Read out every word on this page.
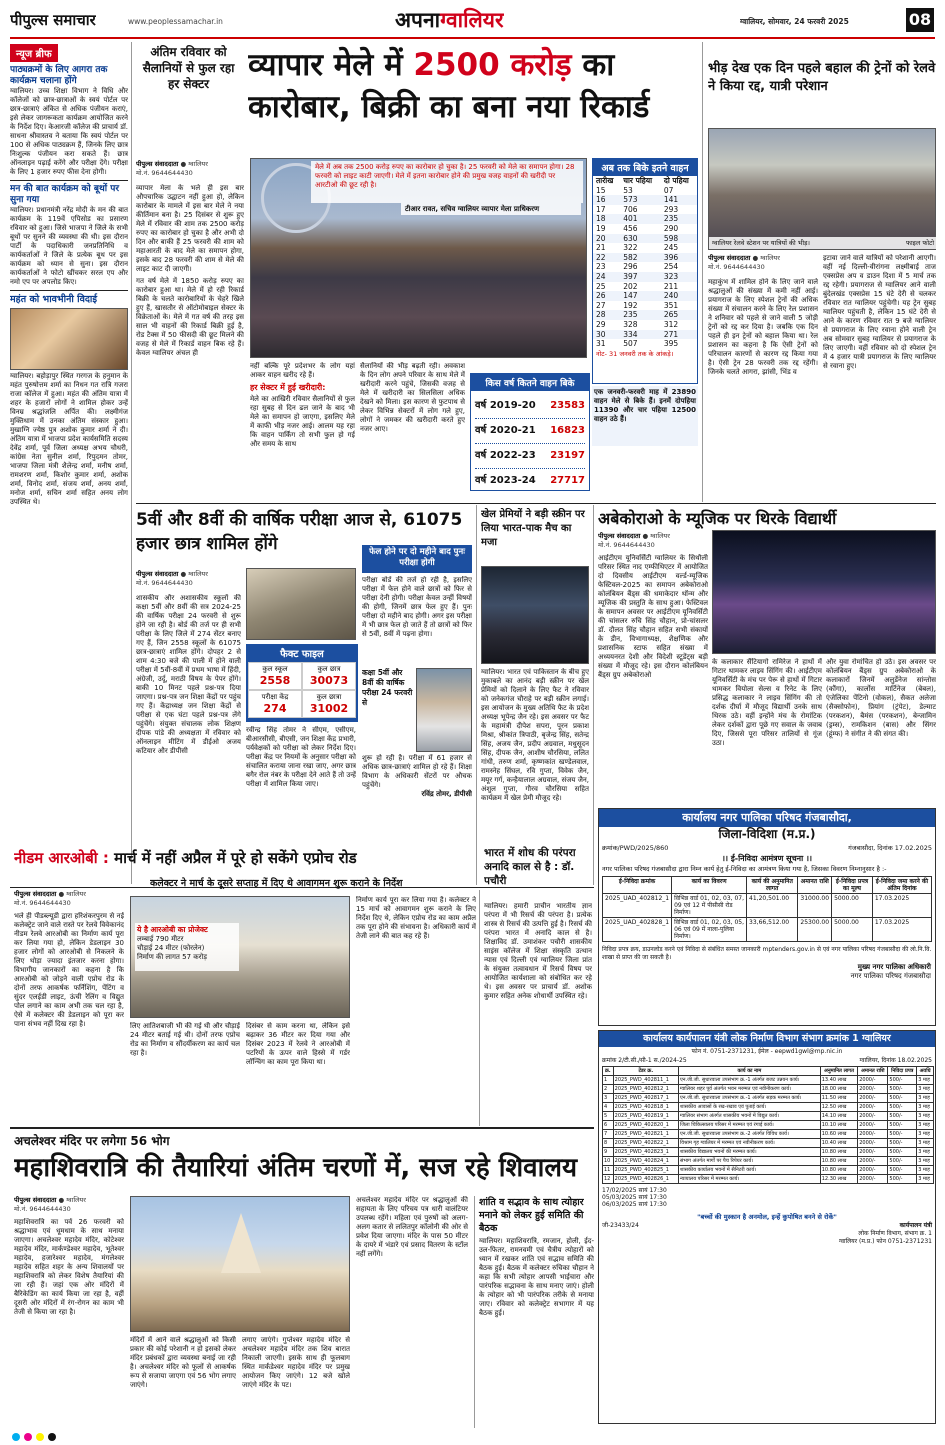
पीपुल्स समाचार	www.peoplessamachar.in	अपनाग्वालियर	ग्वालियर, सोमवार, 24 फरवरी 2025	08
न्यूज ब्रीफ
पाठ्यक्रमों के लिए आगरा तक कार्यक्रम चलाना होंगे

ग्वालियर। उच्च शिक्षा विभाग ने विधि और कॉलेजों को छात्र-छात्राओं के स्वयं पोर्टल पर छात्र-छात्राएं अंकित से अधिक पंजीयन कराएं, इसे लेकर जागरूकता कार्यक्रम आयोजित करने के निर्देश दिए। केआरजी कॉलेज की प्राचार्य डॉ. साधना श्रीवास्तव ने बताया कि स्वयं पोर्टल पर 100 से अधिक पाठ्यक्रम हैं, जिनके लिए छात्र निःशुल्क पंजीयन करा सकते हैं। छात्र ऑनलाइन पढ़ाई करेंगे और परीक्षा देंगे। परीक्षा के लिए 1 हजार रुपए फीस देना होगी।

मन की बात कार्यक्रम को बूथों पर सुना गया

ग्वालियर। प्रधानमंत्री नरेंद्र मोदी के मन की बात कार्यक्रम के 119वें एपिसोड का प्रसारण रविवार को हुआ। जिसे भाजपा ने जिले के सभी बूथों पर सुनने की व्यवस्था की थी। इस दौरान पार्टी के पदाधिकारी जनप्रतिनिधि व कार्यकर्ताओं ने जिले के प्रत्येक बूथ पर इस कार्यक्रम को ध्यान से सुना। इस दौरान कार्यकर्ताओं ने फोटो खींचकर सरल एप और नमो एप पर अपलोड किए।

महंत को भावभीनी विदाई

ग्वालियर। बहोड़ापुर स्थित गरगज के हनुमान के महंत पुरुषोत्तम शर्मा का निधन गत रात्रि गजरा राजा कॉलेज में हुआ। महंत की अंतिम यात्रा में शहर के हजारों लोगों ने शामिल होकर उन्हें विनम्र श्रद्धांजलि अर्पित की। लक्ष्मीगंज मुक्तिधाम में उनका अंतिम संस्कार हुआ। मुखाग्नि ज्येष्ठ पुत्र अशोक कुमार शर्मा ने दी। अंतिम यात्रा में भाजपा प्रदेश कार्यसमिति सदस्य देवेंद्र शर्मा, पूर्व जिला अध्यक्ष अभय चौधरी, कांग्रेस नेता सुनील शर्मा, रिपुदमन तोमर, भाजपा जिला मंत्री शैलेन्द्र शर्मा, मनीष शर्मा, रामशरण शर्मा, किशोर कुमार शर्मा, अशोक शर्मा, विनोद शर्मा, संजय शर्मा, अनय शर्मा, मनोज शर्मा, सचिन शर्मा सहित अनय लोग उपस्थित थे।

अंतिम रविवार को सैलानियों से फुल रहा हर सेक्टर
व्यापार मेले में 2500 करोड़ का कारोबार, बिक्री का बना नया रिकार्ड
पीपुल्स संवाददाता ● ग्वालियर
मो.नं. 9644644430

व्यापार मेला के भले ही इस बार औपचारिक उद्घाटन नहीं हुआ हो, लेकिन कारोबार के मामले में इस बार मेले ने नया कीर्तिमान बना है। 25 दिसंबर से शुरू हुए मेले में रविवार की शाम तक 2500 करोड़ रुपए का कारोबार हो चुका है और अभी दो दिन और बाकी हैं 25 फरवरी की शाम को महाआरती के बाद मेले का समापन होगा, इसके बाद 28 फरवरी की शाम से मेले की लाइट काट दी जाएगी।

गत वर्ष मेले में 1850 करोड़ रुपए का कारोबार हुआ था। मेले में हो रही रिकार्ड बिक्री के चलते कारोबारियों के चेहरे खिले हुए हैं, खासतौर से ऑटोमोबाइल सेक्टर के विक्रेताओं के। मेले में गत वर्ष की तरह इस साल भी वाहनों की रिकार्ड बिक्री हुई है, रोड टैक्स में 50 फीसदी की छूट मिलने की वजह से मेले में रिकार्ड वाहन बिक रहे हैं। केवल ग्वालियर अंचल ही

मेले में अब तक 2500 करोड़ रुपए का कारोबार हो चुका है। 25 फरवरी को मेले का समापन होगा। 28 फरवरी को लाइट काटी जाएगी। मेले में इतना कारोबार होने की प्रमुख वजह वाहनों की खरीदी पर आरटीओ की छूट रही है।
टीआर रावत, सचिव ग्वालियर व्यापार मेला प्राधिकरण

नहीं बल्कि पूरे प्रदेशभर के लोग यहां आकर वाहन खरीद रहे हैं।

हर सेक्टर में हुई खरीदारी:

मेले का आखिरी रविवार सैलानियों से फुल रहा सुबह से दिन ढल जाने के बाद भी मेले का समापन हो जाएगा, इसलिए मेले में काफी भीड़ नजर आई। आलम यह रहा कि वाहन पार्किंग तो सभी फुल हो गई और समय के साथ

सैलानियों की भीड़ बढ़ती रही। अवकाश के दिन लोग अपने परिवार के साथ मेले में खरीदारी करने पहुंचे, जिसकी वजह से मेले में खरीदारी का सिलसिला अधिक देखने को मिला। इस कारण से फुटपाथ से लेकर विभिन्न सेक्टरों में लोग गले हुए, लोगों ने जमकर की खरीदारी करते हुए नजर आए।

अब तक बिके इतने वाहन
तारीख	चार पहिया	दो पहिया
15	53	07
16	573	141
17	706	293
18	401	235
19	456	290
20	630	598
21	322	245
22	582	396
23	296	254
24	397	323
25	202	211
26	147	240
27	192	351
28	235	265
29	328	312
30	334	271
31	507	395
नोट- 31 जनवरी तक के आंकड़े।

एक जनवरी-फरवरी माह में 23890 वाहन मेले से बिके हैं। इनमें दोपहिया 11390 और चार पहिया 12500 वाहन उठे हैं।

किस वर्ष कितने वाहन बिके
वर्ष 2019-20 23583
वर्ष 2020-21 16823
वर्ष 2022-23 23197
वर्ष 2023-24 27717
भीड़ देख एक दिन पहले बहाल की ट्रेनों को रेलवे ने किया रद्द, यात्री परेशान
ग्वालियर रेलवे स्टेशन पर यात्रियों की भीड़।	फाइल फोटो
पीपुल्स संवाददाता ● ग्वालियर
मो.नं. 9644644430

महाकुंभ में शामिल होने के लिए जाने वाले श्रद्धालुओं की संख्या में कमी नहीं आई। प्रयागराज के लिए स्पेशल ट्रेनों की अधिक संख्या में संचालन करने के लिए रेल प्रशासन ने शनिवार को पहले से जाने वाली 5 जोड़ी ट्रेनों को रद्द कर दिया है। जबकि एक दिन पहले ही इन ट्रेनों को बहाल किया था। रेल प्रशासन का कहना है कि ऐसी ट्रेनों को परिचालन कारणों से कारण रद्द किया गया है। ऐसी ट्रेन 28 फरवरी तक रद्द रहेंगी। जिनके चलते आगरा, झांसी, भिंड व

इटावा जाने वाले यात्रियों को परेशानी आएगी। वहीं नई दिल्ली-वीरांगना लक्ष्मीबाई ताज एक्सप्रेस अप व डाउन दिशा में 5 मार्च तक रद्द रहेगी। प्रयागराज से ग्वालियर आने वाली बुंदेलखंड एक्सप्रेस 15 घंटे देरी से चलकर रविवार रात ग्वालियर पहुंचेगी। यह ट्रेन सुबह ग्वालियर पहुंचती है, लेकिन 15 घंटे देरी से आने के कारण रविवार रात 9 बजे ग्वालियर से प्रयागराज के लिए रवाना होने वाली ट्रेन अब सोमवार सुबह ग्वालियर से प्रयागराज के लिए जाएगी। वहीं रविवार को दो स्पेशल ट्रेन में 4 हजार यात्री प्रयागराज के लिए ग्वालियर से रवाना हुए।

5वीं और 8वीं की वार्षिक परीक्षा आज से, 61075 हजार छात्र शामिल होंगे
पीपुल्स संवाददाता ● ग्वालियर
मो.नं. 9644644430
फैक्ट फाइल
कुल स्कूल
2558
कुल छात्र
30073
परीक्षा केंद्र
274
कुल छात्रा
31002

शासकीय और अशासकीय स्कूलों की कक्षा 5वीं और 8वीं की सत्र 2024-25 की वार्षिक परीक्षा 24 फरवरी से शुरू होने जा रही है। बोर्ड की तर्ज पर ही सभी परीक्षा के लिए जिले में 274 सेंटर बनाए गए हैं, जिन 2558 स्कूलों के 61075 छात्र-छात्राएं शामिल होंगे। दोपहर 2 से शाम 4:30 बजे की पाली में होने वाली परीक्षा में 5वीं-8वीं में प्रथम भाषा में हिंदी, अंग्रेजी, उर्दू, मराठी विषय के पेपर होंगे। बाकी 10 मिनट पहले प्रश्न-पत्र दिया जाएगा। प्रश्न-पत्र जन शिक्षा केंद्रों पर पहुंच गए हैं। केंद्राध्यक्ष जन शिक्षा केंद्रों से परीक्षा से एक घंटा पहले प्रश्न-पत्र लेंगे पहुंचेंगे। संयुक्त संचालक लोक शिक्षण दीपक पांडे की अध्यक्षता में रविवार को ऑनलाइन मीटिंग में डीईओ अजय कटियार और डीपीसी

रवीन्द्र सिंह तोमर ने सीएम, एसीएम, बीआरसीसी, बीएसी, जन शिक्षा केंद्र प्रभारी, पर्यवेक्षकों को परीक्षा को लेकर निर्देश दिए। परीक्षा केंद्र पर नियमों के अनुसार परीक्षा को संचालित कराया जाना रखा जाए, अगर छात्र बगैर रोल नंबर के परीक्षा देने आते हैं तो उन्हें परीक्षा में शामिल किया जाए।

फेल होने पर दो महीने बाद पुनः परीक्षा होगी

परीक्षा बोर्ड की तर्ज हो रही है, इसलिए परीक्षा में फेल होने वाले छात्रों को फिर से परीक्षा देनी होगी। परीक्षा केवल उन्हीं विषयों की होगी, जिनमें छात्र फेल हुए हैं। पुनः परीक्षा दो महीने बाद होगी। अगर इस परीक्षा में भी छात्र फेल हो जाते हैं तो छात्रों को फिर से 5वीं, 8वीं में पढ़ना होगा।

कक्षा 5वीं और 8वीं की वार्षिक परीक्षा 24 फरवरी से

शुरू हो रही है। परीक्षा में 61 हजार से अधिक छात्र-छात्राएं शामिल हो रहे हैं। शिक्षा विभाग के अधिकारी सेंटरों पर औचक पहुंचेंगे।

रविंद्र तोमर, डीपीसी
खेल प्रेमियों ने बड़ी स्क्रीन पर लिया भारत-पाक मैच का मजा

ग्वालियर। भारत एवं पाकिस्तान के बीच हुए मुकाबले का आनंद बड़ी स्क्रीन पर खेल प्रेमियों को दिलाने के लिए फैट ने रविवार को जनेकगंज चौराहे पर बड़ी स्क्रीन लगाई। इस आयोजन के मुख्य अतिथि फैट के प्रदेश अध्यक्ष भूपेन्द्र जैन रहे। इस अवसर पर फैट के महामंत्री दीपेश सपरा, पूरन प्रकाश मिश्रा, श्रीकांत त्रिपाठी, बृजेन्द्र सिंह, सतेन्द्र सिंह, अजय जैन, प्रदीप अग्रवाल, मधुसूदन सिंह, दीपक जैन, आशीष चौरसिया, ललित गांधी, तरुण शर्मा, कृष्णकांत खण्डेलवाल, रामस्नेह सिंघल, रवि गुप्ता, विवेक जैन, मयूर गर्ग, कन्हैयालाल अग्रवाल, संजय जैन, अंशुल गुप्ता, गौरव चौरसिया सहित कार्यक्रम में खेल प्रेमी मौजूद रहे।

अबेकोराओ के म्यूजिक पर थिरके विद्यार्थी
पीपुल्स संवाददाता ● ग्वालियर
मो.नं. 9644644430

आईटीएम यूनिवर्सिटी ग्वालियर के सिथौली परिसर स्थित नाद एम्फीथिएटर में आयोजित दो दिवसीय आईटीएम वर्ल्ड-म्यूजिक फेस्टिवल-2025 का समापन अबेकोराओ कोलंबियन बैंड्स की धमाकेदार थॉन्म और म्यूजिक की प्रस्तुति के साथ हुआ। फेस्टिवल के समापन अवसर पर आईटीएम यूनिवर्सिटी की चांसलर रुचि सिंह चौहान, प्रो-चांसलर डॉ. दौलत सिंह चौहान सहित सभी संकायों के डीन, विभागाध्यक्ष, शैक्षणिक और प्रशासनिक स्टाफ सहित संख्या में अध्ययनरत देशी और विदेशी स्टूडेंट्स बड़ी संख्या में मौजूद रहे। इस दौरान कोलंबियन बैंड्स ग्रुप अबेकोराओ

के कलाकार सैंटियागो रामिरेज ने हाथों में गिटार थामकर लाइव सिंगिंग की। आईटीएम यूनिवर्सिटी के मंच पर पेरू से हाथों में गिटार थामकर वियोला सेल्स व रिनेट के लिए प्रसिद्ध कलाकार ने लाइव सिंगिंग की तो दर्शक दीर्घा में मौजूद विद्यार्थी उनके साथ थिरक उठे। वहीं इन्होंने मंच के रोमांटिक लेकर दर्शकों द्वारा पूछे गए सवाल के जवाब दिए, जिससे पूरा परिसर तालियों से गूंज उठा।

और युवा रोमांचित हो उठे। इस अवसर पर कोलंबियन बैंड्स ग्रुप अबेकोराओ के कलाकारों जिनमें अलुर्डेनेज सांन्तोस (कौंगा), कार्लोस मार्टिनेज (बेबल), एंजेलिका पेंटिनो (वोकल), सैकत अलेजा (सैक्सोफोन), प्रियांग (ट्रंपेट), डेल्माट (परकशन), बैमंस (परकशन), बेन्जामिन (ड्रम्स), रामकिशन (बास) और सिंगर (हूंम्फ) ने संगीत ने की संगत की।

कार्यालय नगर पालिका परिषद गंजबासौदा,
जिला-विदिशा (म.प्र.)
क्रमांक/PWD/2025/860	गंजबासौदा, दिनांक 17.02.2025
।। ई-निविदा आमंत्रण सूचना ।।
नगर पालिका परिषद गंजबासौदा द्वारा निम्न कार्य हेतु ई-निविदा का आमंत्रण किया गया है, जिसका विवरण निम्नानुसार है :-
ई-निविदा क्रमांक	कार्य का विवरण	कार्य की अनुमानित लागत	अमानत राशि	ई-निविदा प्रपत्र का मूल्य	ई-निविदा जमा करने की अंतिम दिनांक
2025_UAD_402812_1	विभिन्न वार्ड 01, 02, 03, 07, 09 एवं 12 में पीसीसी रोड निर्माण।	41,20,501.00	31000.00	5000.00	17.03.2025
2025_UAD_402828_1	विभिन्न वार्ड 01, 02, 03, 05, 06 एवं 09 में नाला-पुलिया निर्माण।	33,66,512.00	25300.00	5000.00	17.03.2025
निविदा प्रपत्र क्रय, डाउनलोड करने एवं निविदा से संबंधित समस्त जानकारी mptenders.gov.in से एवं नगर पालिका परिषद गंजबासौदा की लो.नि.वि. शाखा से प्राप्त की जा सकती है।
मुख्य नगर पालिका अधिकारी
नगर पालिका परिषद गंजबासौदा
नीडम आरओबी : मार्च में नहीं अप्रैल में पूरे हो सकेंगे एप्रोच रोड
कलेक्टर ने मार्च के दूसरे सप्ताह में दिए थे आवागमन शुरू कराने के निर्देश
पीपुल्स संवाददाता ● ग्वालियर
मो.नं. 9644644430

भले ही पीडब्ल्यूडी द्वारा हरिशंकरपुरम से नई कलेक्ट्रेट जाने वाले रास्ते पर रेलवे विवेकानंद नीडम रेलवे आरओबी का निर्माण कार्य पूरा कर लिया गया हो, लेकिन डेडलाइन 30 हजार लोगों को आरओबी से निकलने के लिए थोड़ा ज्यादा इंतजार करना होगा। विभागीय जानकारों का कहना है कि आरओबी को जोड़ने वाली एप्रोच रोड के दोनों तरफ आकर्षक फर्निशिंग, पेंटिंग व सुंदर एलईडी लाइट, ऊंची रेलिंग व विद्युत पोल लगाने का काम अभी तक चल रहा है, ऐसे में कलेक्टर की डेडलाइन को पूरा कर पाना संभव नहीं दिख रहा है।

ये है आरओबी का प्रोजेक्ट
लम्बाई 790 मीटर
चौड़ाई 24 मीटर (फोरलेन)
निर्माण की लागत 57 करोड़

लिए आतिशबाजी भी की गई थी और चौड़ाई 24 मीटर बताई गई थी। दोनों तरफ एप्रोच रोड का निर्माण व सौंदर्यीकरण का कार्य चल रहा है।

दिसंबर से काम करना था, लेकिन इसे बढ़ाकर 36 मीटर कर दिया गया और दिसंबर 2023 में रेलवे ने आरओबी में पटरियों के ऊपर वाले हिस्से में गर्डर लॉन्चिंग का काम पूरा किया था।

निर्माण कार्य पूरा कर लिया गया है। कलेक्टर ने 15 मार्च को आवागमन शुरू कराने के लिए निर्देश दिए थे, लेकिन एप्रोच रोड का काम अप्रैल तक पूरा होने की संभावना है। अधिकारी कार्य में तेजी लाने की बात कह रहे हैं।

भारत में शोध की परंपरा अनादि काल से है : डॉ. पचौरी

ग्वालियर। हमारी प्राचीन भारतीय ज्ञान परंपरा में भी रिसर्च की परंपरा है। प्रत्येक शास्त्र से रिसर्च की उत्पत्ति हुई है। रिसर्च की परंपरा भारत में अनादि काल से है। शिक्षाविद डॉ. उमाशंकर पचौरी शासकीय साइंस कॉलेज में शिक्षा संस्कृति उत्थान न्यास एवं दिल्ली एवं ग्वालियर जिला प्रांत के संयुक्त तत्वावधान में रिसर्च विषय पर आयोजित कार्यशाला को संबोधित कर रहे थे। इस अवसर पर प्राचार्य डॉ. अशोक कुमार सहित अनेक शोधार्थी उपस्थित रहे।

कार्यालय कार्यपालन यंत्री लोक निर्माण विभाग संभाग क्रमांक 1 ग्वालियर
फोन नं. 0751-2371231, ईमेल - eepwd1gwl@mp.nic.in
क्रमांक 2/टी.सी./सी-1 स./2024-25	ग्वालियर, दिनांक 18.02.2025
क्र.	टेंडर क्र.	कार्य का नाम	अनुमानित लागत	अमानत राशि	निविदा प्रपत्र	अवधि
1	2025_PWD_402811_1	एन.जी.जी. सुधारवाला उपसंभाग क्र.-1 अंतर्गत बजट उन्नयन कार्य।	13.40 लाख	2000/-	500/-	3 माह
2	2025_PWD_402812_1	ग्वालियर शहर पूर्व अंतर्गत भवन मरम्मत एवं नवीनीकरण कार्य।	18.00 लाख	2000/-	500/-	3 माह
3	2025_PWD_402817_1	एन.जी.जी. सुधारवाला उपसंभाग क्र.-1 अंतर्गत सड़क मरम्मत कार्य।	11.50 लाख	2000/-	500/-	3 माह
4	2025_PWD_402818_1	शासकीय आवासों के रख-रखाव एवं पुताई कार्य।	12.50 लाख	2000/-	500/-	3 माह
5	2025_PWD_402819_1	ग्वालियर संभाग अंतर्गत शासकीय भवनों में विद्युत कार्य।	14.10 लाख	2000/-	500/-	3 माह
6	2025_PWD_402820_1	जिला चिकित्सालय परिसर में मरम्मत एवं रंगाई कार्य।	10.10 लाख	2000/-	500/-	3 माह
7	2025_PWD_402821_1	एन.जी.जी. सुधारवाला उपसंभाग क्र.-2 अंतर्गत विविध कार्य।	10.60 लाख	2000/-	500/-	3 माह
8	2025_PWD_402822_1	विश्राम गृह ग्वालियर में मरम्मत एवं नवीनीकरण कार्य।	10.40 लाख	2000/-	500/-	3 माह
9	2025_PWD_402823_1	शासकीय विद्यालय भवनों की मरम्मत कार्य।	10.80 लाख	2000/-	500/-	3 माह
10	2025_PWD_402824_1	संभाग अंतर्गत मार्गों पर पैच रिपेयर कार्य।	10.80 लाख	2000/-	500/-	3 माह
11	2025_PWD_402825_1	शासकीय कार्यालय भवनों में सैनिटरी कार्य।	10.80 लाख	2000/-	500/-	3 माह
12	2025_PWD_402826_1	न्यायालय परिसर में मरम्मत कार्य।	12.30 लाख	2000/-	500/-	3 माह
17/02/2025 सायं 17:30
05/03/2025 सायं 17:30
06/03/2025 सायं 17:30
"बच्चों की मुस्कान है अनमोल, इन्हें कुपोषित बनने से रोकें"
जी-23433/24	कार्यपालन यंत्री
लोक निर्माण विभाग, संभाग क्र. 1
ग्वालियर (म.प्र.) फोन 0751-2371231
अचलेश्वर मंदिर पर लगेगा 56 भोग
महाशिवरात्रि की तैयारियां अंतिम चरणों में, सज रहे शिवालय
पीपुल्स संवाददाता ● ग्वालियर
मो.नं. 9644644430

महाशिवरात्रि का पर्व 26 फरवरी को श्रद्धाभाव एवं धूमधाम के साथ मनाया जाएगा। अचलेश्वर महादेव मंदिर, कोटेश्वर महादेव मंदिर, मार्कण्डेश्वर महादेव, भूतेश्वर महादेव, हजारेश्वर महादेव, मंगलेश्वर महादेव सहित शहर के अन्य शिवालयों पर महाशिवरात्रि को लेकर विशेष तैयारियां की जा रही हैं। जहां एक ओर मंदिरों में बैरिकेडिंग का कार्य किया जा रहा है, वहीं दूसरी ओर मंदिरों में रंग-रोगन का काम भी तेजी से किया जा रहा है।

मंदिरों में आने वाले श्रद्धालुओं को किसी प्रकार की कोई परेशानी न हो इसको लेकर मंदिर प्रबंधकों द्वारा व्यवस्था बनाई जा रही है। अचलेश्वर मंदिर को फूलों से आकर्षक रूप से सजाया जाएगा एवं 56 भोग लगाए जाएंगे।

लगाए जाएंगे। गुप्तेश्वर महादेव मंदिर से अचलेश्वर महादेव मंदिर तक शिव बारात निकाली जाएगी। इसके साथ ही फूलबाग स्थित मार्कंडेश्वर महादेव मंदिर पर प्रमुख आयोजन किए जाएंगे। 12 बजे खोले जाएंगे मंदिर के पट।

अचलेश्वर महादेव मंदिर पर श्रद्धालुओं की सहायता के लिए परिचय पत्र धारी वालंटियर उपलब्ध रहेंगे। महिला एवं पुरुषों को अलग-अलग कतार से ललितपुर कॉलोनी की ओर से प्रवेश दिया जाएगा। मंदिर के पास 50 मीटर के दायरे में भंडारे एवं प्रसाद वितरण के स्टॉल नहीं लगेंगे।

शांति व सद्भाव के साथ त्योहार मनाने को लेकर हुई समिति की बैठक

ग्वालियर। महाशिवरात्रि, रमजान, होली, ईद-उल-फितर, रामनवमी एवं चैत्रीय त्योहारों को ध्यान में रखकर शांति एवं सद्भाव समिति की बैठक हुई। बैठक में कलेक्टर रुचिका चौहान ने कहा कि सभी त्योहार आपसी भाईचारा और पारंपरिक सद्भावना के साथ मनाए जाएं। होली के त्योहार को भी पारंपरिक तरीके से मनाया जाए। रविवार को कलेक्ट्रेट सभागार में यह बैठक हुई।
